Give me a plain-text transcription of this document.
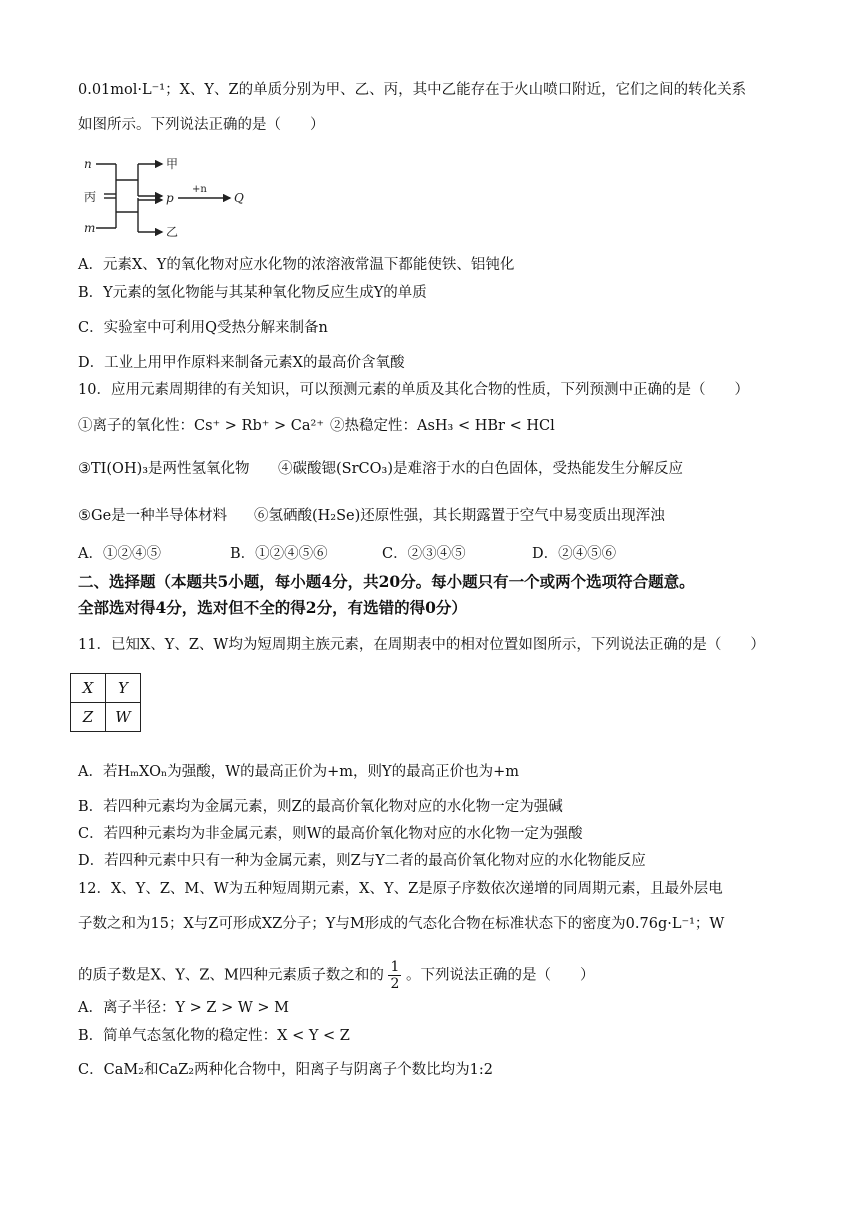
0.01mol·L⁻¹；X、Y、Z的单质分别为甲、乙、丙，其中乙能存在于火山喷口附近，它们之间的转化关系
如图所示。下列说法正确的是（　　）
n
丙
m
甲
p
+n
Q
乙
A．元素X、Y的氧化物对应水化物的浓溶液常温下都能使铁、铝钝化
B．Y元素的氢化物能与其某种氧化物反应生成Y的单质
C．实验室中可利用Q受热分解来制备n
D．工业上用甲作原料来制备元素X的最高价含氧酸
10．应用元素周期律的有关知识，可以预测元素的单质及其化合物的性质，下列预测中正确的是（　　）
①离子的氧化性：Cs⁺ > Rb⁺ > Ca²⁺ ②热稳定性：AsH₃ < HBr < HCl
③TI(OH)₃是两性氢氧化物 ④碳酸锶(SrCO₃)是难溶于水的白色固体，受热能发生分解反应
⑤Ge是一种半导体材料 ⑥氢硒酸(H₂Se)还原性强，其长期露置于空气中易变质出现浑浊
A．①②④⑤	B．①②④⑤⑥	C．②③④⑤	D．②④⑤⑥
二、选择题（本题共5小题，每小题4分，共20分。每小题只有一个或两个选项符合题意。
全部选对得4分，选对但不全的得2分，有选错的得0分）
11．已知X、Y、Z、W均为短周期主族元素，在周期表中的相对位置如图所示，下列说法正确的是（　　）
X	Y
Z	W
A．若HₘXOₙ为强酸，W的最高正价为+m，则Y的最高正价也为+m
B．若四种元素均为金属元素，则Z的最高价氧化物对应的水化物一定为强碱
C．若四种元素均为非金属元素，则W的最高价氧化物对应的水化物一定为强酸
D．若四种元素中只有一种为金属元素，则Z与Y二者的最高价氧化物对应的水化物能反应
12．X、Y、Z、M、W为五种短周期元素，X、Y、Z是原子序数依次递增的同周期元素，且最外层电
子数之和为15；X与Z可形成XZ分子；Y与M形成的气态化合物在标准状态下的密度为0.76g·L⁻¹；W
的质子数是X、Y、Z、M四种元素质子数之和的 $\frac{1}{2}$ 。下列说法正确的是（　　）
A．离子半径：Y > Z > W > M
B．简单气态氢化物的稳定性：X < Y < Z
C．CaM₂和CaZ₂两种化合物中，阳离子与阴离子个数比均为1:2
